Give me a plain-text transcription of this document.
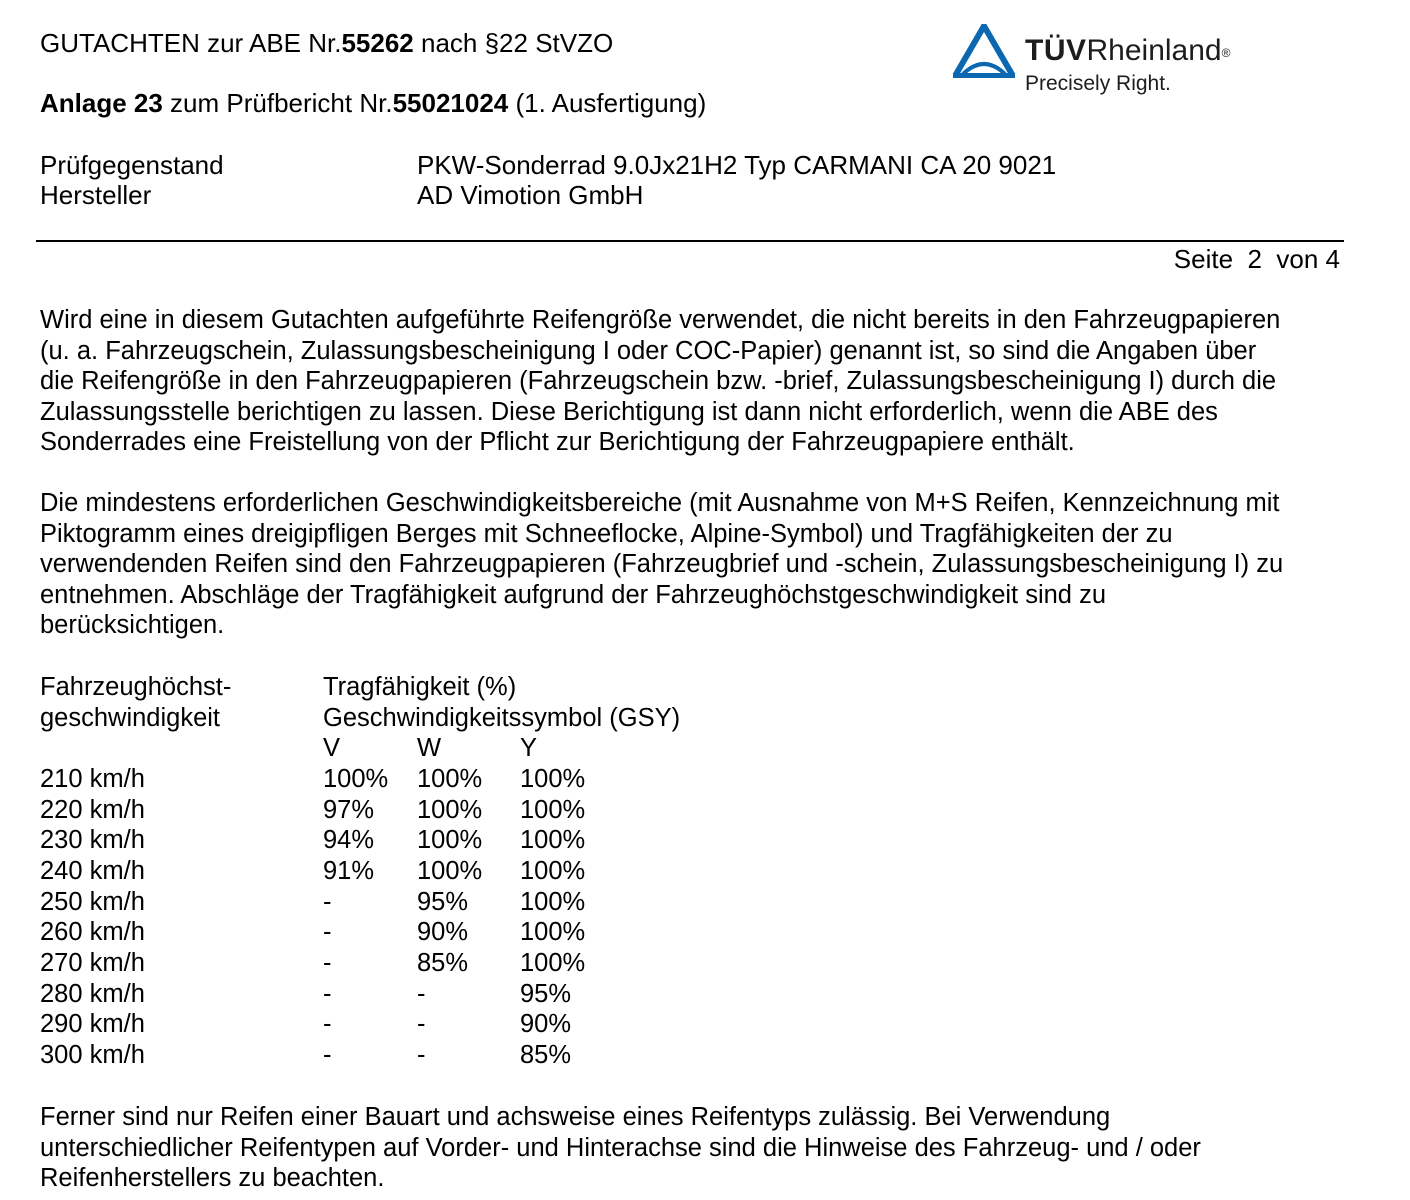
GUTACHTEN zur ABE Nr.55262 nach §22 StVZO
Anlage 23 zum Prüfbericht Nr.55021024 (1. Ausfertigung)
Prüfgegenstand	PKW-Sonderrad 9.0Jx21H2 Typ CARMANI CA 20 9021
Hersteller	AD Vimotion GmbH
TÜVRheinland®
Precisely Right.
Seite  2  von 4
Wird eine in diesem Gutachten aufgeführte Reifengröße verwendet, die nicht bereits in den Fahrzeugpapieren
(u. a. Fahrzeugschein, Zulassungsbescheinigung I oder COC-Papier) genannt ist, so sind die Angaben über
die Reifengröße in den Fahrzeugpapieren (Fahrzeugschein bzw. -brief, Zulassungsbescheinigung I) durch die
Zulassungsstelle berichtigen zu lassen. Diese Berichtigung ist dann nicht erforderlich, wenn die ABE des
Sonderrades eine Freistellung von der Pflicht zur Berichtigung der Fahrzeugpapiere enthält.
Die mindestens erforderlichen Geschwindigkeitsbereiche (mit Ausnahme von M+S Reifen, Kennzeichnung mit
Piktogramm eines dreigipfligen Berges mit Schneeflocke, Alpine-Symbol) und Tragfähigkeiten der zu
verwendenden Reifen sind den Fahrzeugpapieren (Fahrzeugbrief und -schein, Zulassungsbescheinigung I) zu
entnehmen. Abschläge der Tragfähigkeit aufgrund der Fahrzeughöchstgeschwindigkeit sind zu
berücksichtigen.
Fahrzeughöchst-	Tragfähigkeit (%)
geschwindigkeit	Geschwindigkeitssymbol (GSY)
V	W	Y
210 km/h	100% 100% 100%
220 km/h	97% 100% 100%
230 km/h	94% 100% 100%
240 km/h	91% 100% 100%
250 km/h	-	95% 100%
260 km/h	-	90% 100%
270 km/h	-	85% 100%
280 km/h	-	-	95%
290 km/h	-	-	90%
300 km/h	-	-	85%
Ferner sind nur Reifen einer Bauart und achsweise eines Reifentyps zulässig. Bei Verwendung
unterschiedlicher Reifentypen auf Vorder- und Hinterachse sind die Hinweise des Fahrzeug- und / oder
Reifenherstellers zu beachten.
